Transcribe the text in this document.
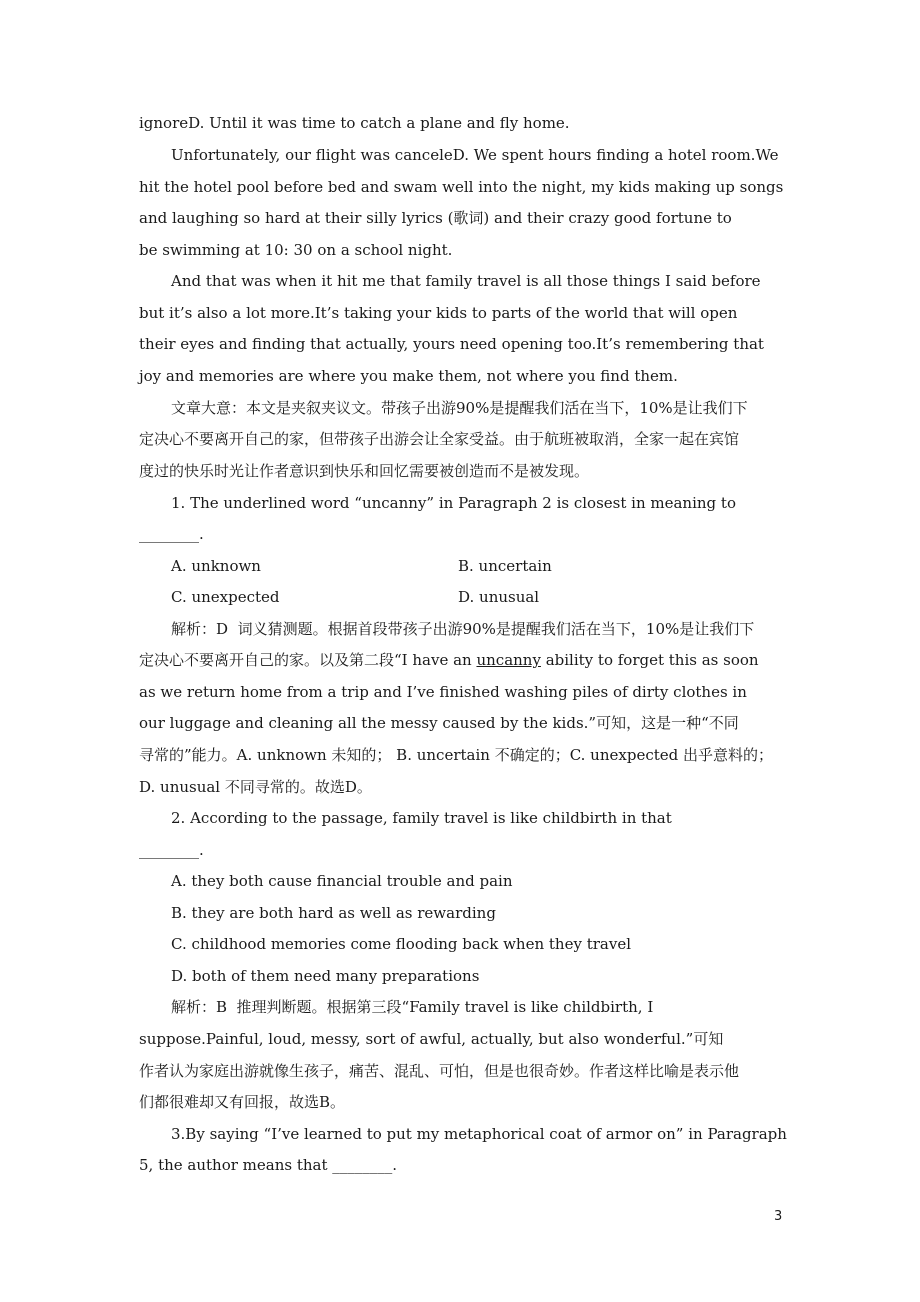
ignoreD. Until it was time to catch a plane and fly home.
Unfortunately, our flight was canceleD. We spent hours finding a hotel room.We
hit the hotel pool before bed and swam well into the night, my kids making up songs
and laughing so hard at their silly lyrics (歌词) and their crazy good fortune to
be swimming at 10: 30 on a school night.
And that was when it hit me that family travel is all those things I said before
but it’s also a lot more.It’s taking your kids to parts of the world that will open
their eyes and finding that actually, yours need opening too.It’s remembering that
joy and memories are where you make them, not where you find them.
文章大意：本文是夹叙夹议文。带孩子出游90%是提醒我们活在当下，10%是让我们下
定决心不要离开自己的家，但带孩子出游会让全家受益。由于航班被取消，全家一起在宾馆
度过的快乐时光让作者意识到快乐和回忆需要被创造而不是被发现。
1. The underlined word “uncanny” in Paragraph 2 is closest in meaning to
________.
A. unknown	B. uncertain
C. unexpected	D. unusual
解析：D  词义猜测题。根据首段带孩子出游90%是提醒我们活在当下，10%是让我们下
定决心不要离开自己的家。以及第二段“I have an uncanny ability to forget this as soon
as we return home from a trip and I’ve finished washing piles of dirty clothes in
our luggage and cleaning all the messy caused by the kids.”可知，这是一种“不同
寻常的”能力。A. unknown 未知的； B. uncertain 不确定的；C. unexpected 出乎意料的；
D. unusual 不同寻常的。故选D。
2. According to the passage, family travel is like childbirth in that
________.
A. they both cause financial trouble and pain
B. they are both hard as well as rewarding
C. childhood memories come flooding back when they travel
D. both of them need many preparations
解析：B  推理判断题。根据第三段“Family travel is like childbirth, I
suppose.Painful, loud, messy, sort of awful, actually, but also wonderful.”可知
作者认为家庭出游就像生孩子，痛苦、混乱、可怕，但是也很奇妙。作者这样比喻是表示他
们都很难却又有回报，故选B。
3.By saying “I’ve learned to put my metaphorical coat of armor on” in Paragraph
5, the author means that ________.
3
